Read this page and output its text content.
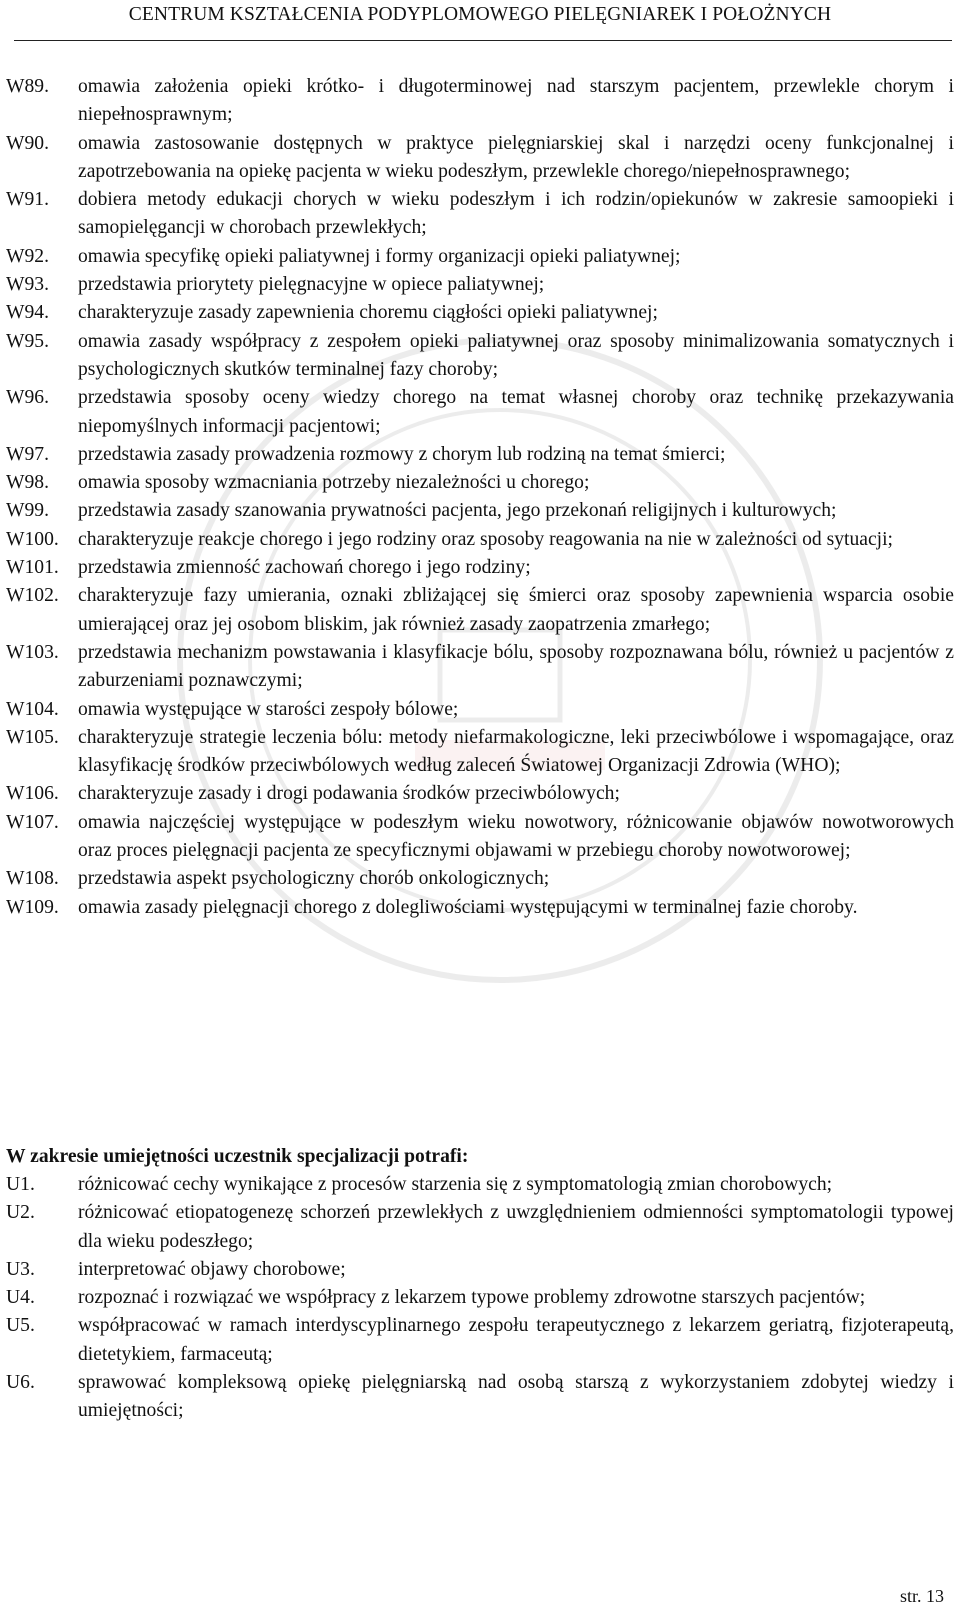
CENTRUM KSZTAŁCENIA PODYPLOMOWEGO PIELĘGNIAREK I POŁOŻNYCH
W89.	omawia założenia opieki krótko- i długoterminowej nad starszym pacjentem, przewlekle chorym i niepełnosprawnym;
W90.	omawia zastosowanie dostępnych w praktyce pielęgniarskiej skal i narzędzi oceny funkcjonalnej i zapotrzebowania na opiekę pacjenta w wieku podeszłym, przewlekle chorego/niepełnosprawnego;
W91.	dobiera metody edukacji chorych w wieku podeszłym i ich rodzin/opiekunów w zakresie samoopieki i samopielęgancji w chorobach przewlekłych;
W92.	omawia specyfikę opieki paliatywnej i formy organizacji opieki paliatywnej;
W93.	przedstawia priorytety pielęgnacyjne w opiece paliatywnej;
W94.	charakteryzuje zasady zapewnienia choremu ciągłości opieki paliatywnej;
W95.	omawia zasady współpracy z zespołem opieki paliatywnej oraz sposoby minimalizowania somatycznych i psychologicznych skutków terminalnej fazy choroby;
W96.	przedstawia sposoby oceny wiedzy chorego na temat własnej choroby oraz technikę przekazywania niepomyślnych informacji pacjentowi;
W97.	przedstawia zasady prowadzenia rozmowy z chorym lub rodziną na temat śmierci;
W98.	omawia sposoby wzmacniania potrzeby niezależności u chorego;
W99.	przedstawia zasady szanowania prywatności pacjenta, jego przekonań religijnych i kulturowych;
W100. charakteryzuje reakcje chorego i jego rodziny oraz sposoby reagowania na nie w zależności od sytuacji;
W101. przedstawia zmienność zachowań chorego i jego rodziny;
W102. charakteryzuje fazy umierania, oznaki zbliżającej się śmierci oraz sposoby zapewnienia wsparcia osobie umierającej oraz jej osobom bliskim, jak również zasady zaopatrzenia zmarłego;
W103. przedstawia mechanizm powstawania i klasyfikacje bólu, sposoby rozpoznawana bólu, również u pacjentów z zaburzeniami poznawczymi;
W104. omawia występujące w starości zespoły bólowe;
W105. charakteryzuje strategie leczenia bólu: metody niefarmakologiczne, leki przeciwbólowe i wspomagające, oraz klasyfikację środków przeciwbólowych według zaleceń Światowej Organizacji Zdrowia (WHO);
W106. charakteryzuje zasady i drogi podawania środków przeciwbólowych;
W107. omawia najczęściej występujące w podeszłym wieku nowotwory, różnicowanie objawów nowotworowych oraz proces pielęgnacji pacjenta ze specyficznymi objawami w przebiegu choroby nowotworowej;
W108. przedstawia aspekt psychologiczny chorób onkologicznych;
W109. omawia zasady pielęgnacji chorego z dolegliwościami występującymi w terminalnej fazie choroby.
W zakresie umiejętności uczestnik specjalizacji potrafi:
U1.	różnicować cechy wynikające z procesów starzenia się z symptomatologią zmian chorobowych;
U2.	różnicować etiopatogenezę schorzeń przewlekłych z uwzględnieniem odmienności symptomatologii typowej dla wieku podeszłego;
U3.	interpretować objawy chorobowe;
U4.	rozpoznać i rozwiązać we współpracy z lekarzem typowe problemy zdrowotne starszych pacjentów;
U5.	współpracować w ramach interdyscyplinarnego zespołu terapeutycznego z lekarzem geriatrą, fizjoterapeutą, dietetykiem, farmaceutą;
U6.	sprawować kompleksową opiekę pielęgniarską nad osobą starszą z wykorzystaniem zdobytej wiedzy i umiejętności;
str. 13
